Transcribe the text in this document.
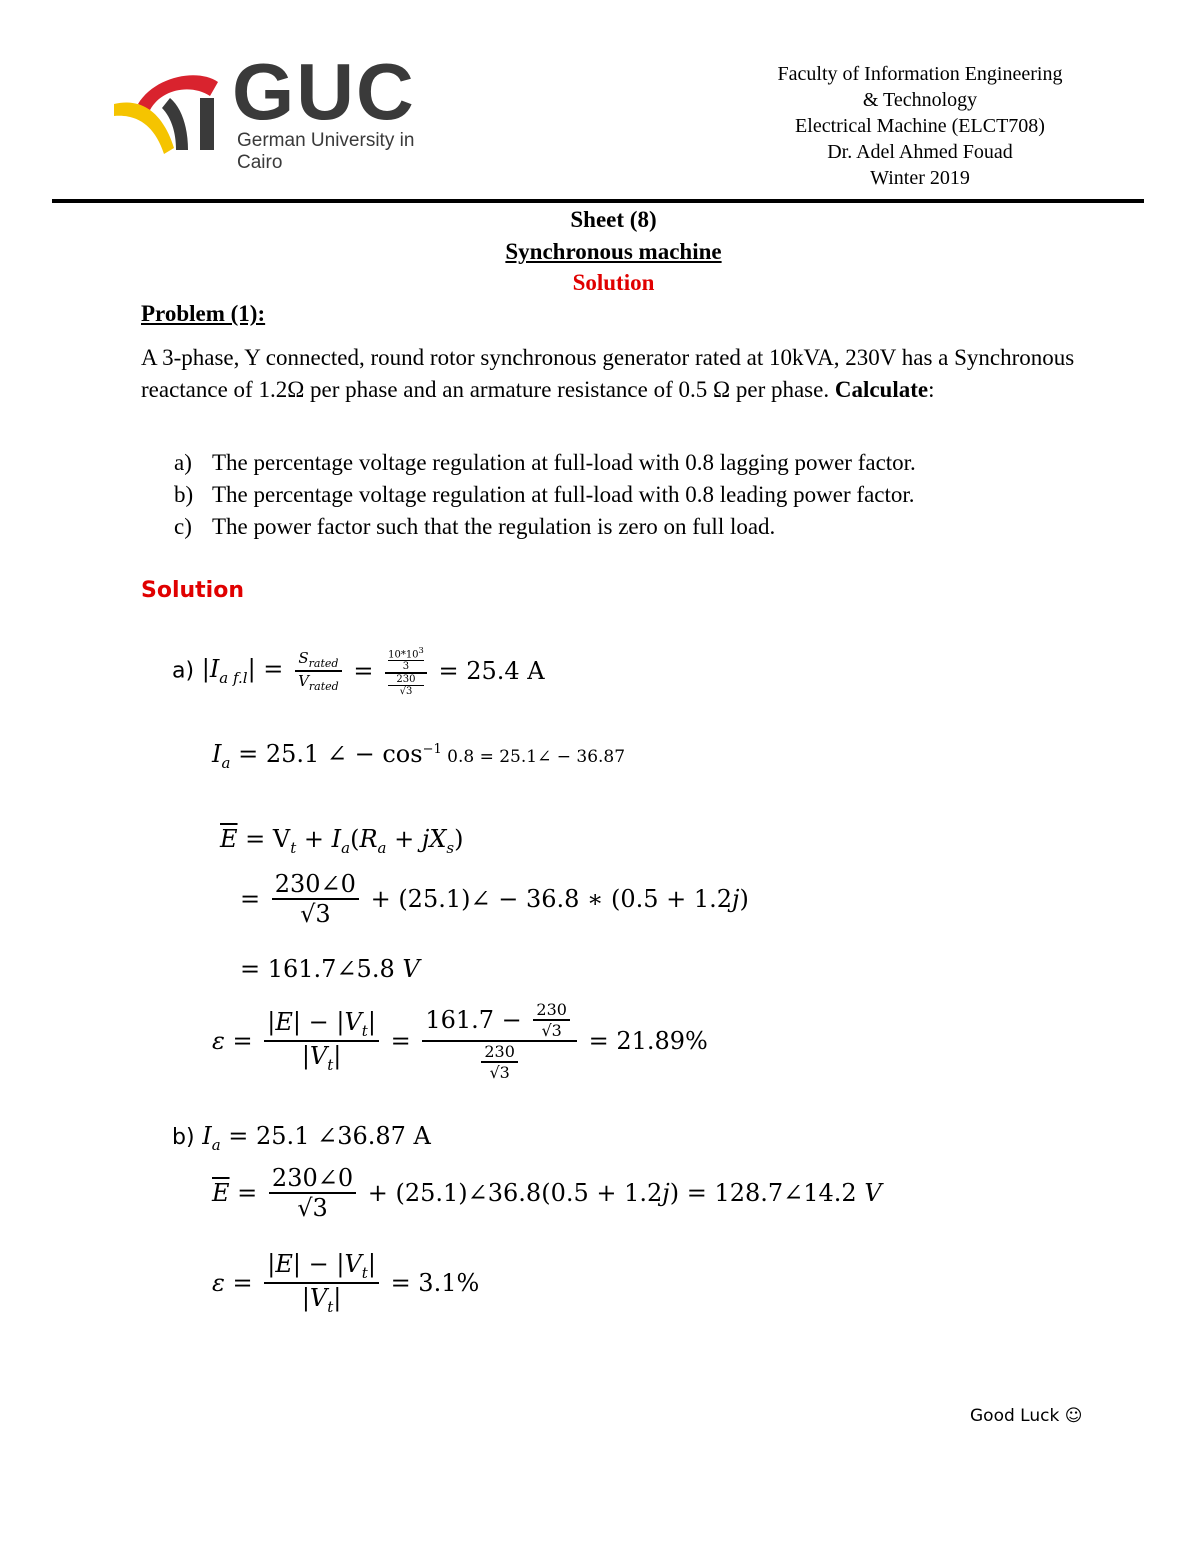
GUC
German University in Cairo
Faculty of Information Engineering
& Technology
Electrical Machine (ELCT708)
Dr. Adel Ahmed Fouad
Winter 2019
Sheet (8)
Synchronous machine
Solution
Problem (1):
A 3-phase, Y connected, round rotor synchronous generator rated at 10kVA, 230V has a Synchronous reactance of 1.2Ω per phase and an armature resistance of 0.5 Ω per phase. Calculate:
a) The percentage voltage regulation at full-load with 0.8 lagging power factor.
b) The percentage voltage regulation at full-load with 0.8 leading power factor.
c) The power factor such that the regulation is zero on full load.
Solution
a) $|I_{a f.l}| = \frac{S_{rated}}{V_{rated}} = 10*10^3$
3
230
√3 = 25.4 A
$I_a = 25.1$ ∠ − $\cos^{-1} 0.8$ = 25.1∠ − 36.87
$\overline{E} = V_t + I_a(R_a + jX_s)$
= $\frac{230\angle 0}{√3}$ + (25.1)∠ − 36.8 ∗ (0.5 + 1.2j)
= 161.7∠5.8 V
$\varepsilon = \frac{|E| - |V_t|}{|V_t|} = \frac{161.7 - \frac{230}{√3}}{\frac{230}{√3}} = 21.89\%$
b) $I_a = 25.1$ ∠36.87 A
$\overline{E} = \frac{230\angle 0}{√3}$ + (25.1)∠36.8(0.5 + 1.2j) = 128.7∠14.2 V
$\varepsilon = \frac{|E| - |V_t|}{|V_t|} = 3.1\%$
Good Luck ☺
